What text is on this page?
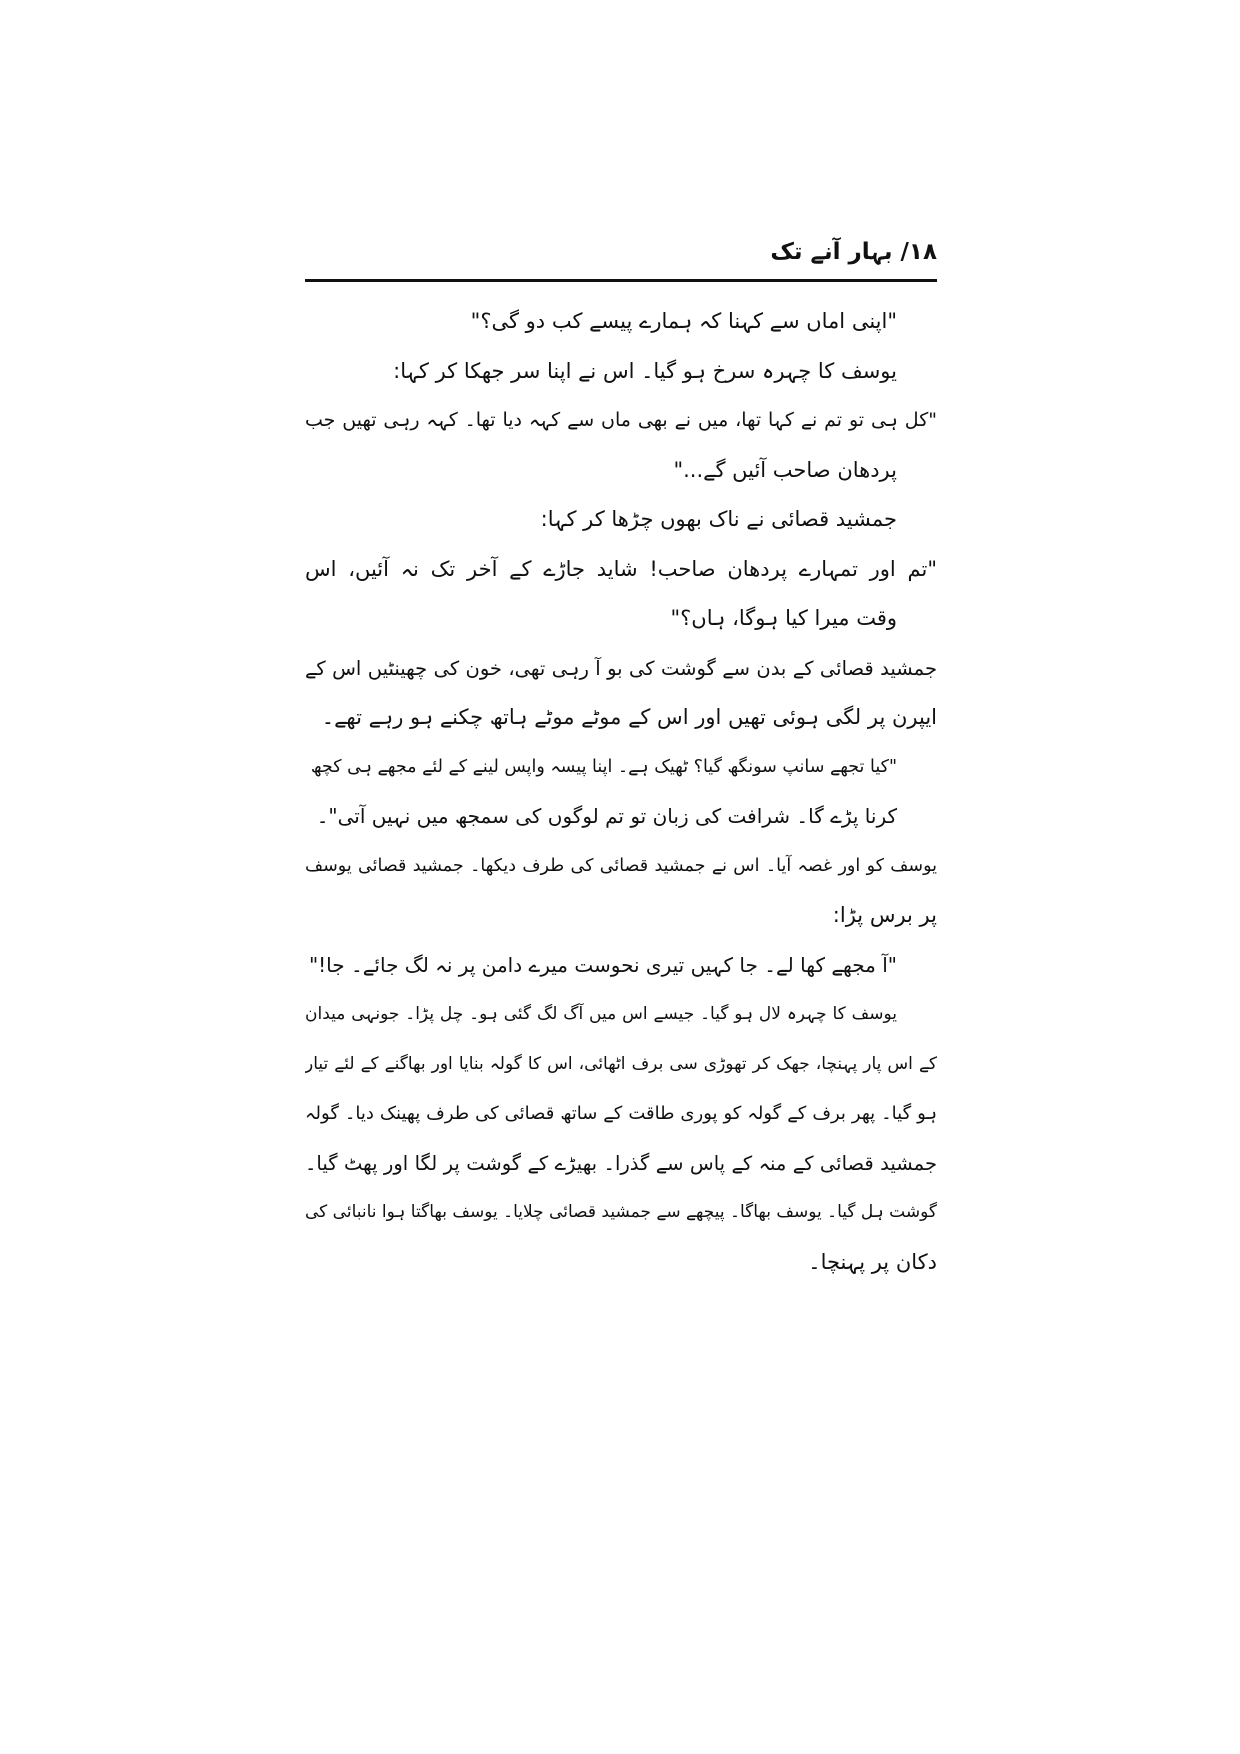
۱۸/ بہار آنے تک
"اپنی اماں سے کہنا کہ ہمارے پیسے کب دو گی؟"
یوسف کا چہرہ سرخ ہو گیا۔ اس نے اپنا سر جھکا کر کہا:
"کل ہی تو تم نے کہا تھا، میں نے بھی ماں سے کہہ دیا تھا۔ کہہ رہی تھیں جب
پردھان صاحب آئیں گے..."
جمشید قصائی نے ناک بھوں چڑھا کر کہا:
"تم اور تمہارے پردھان صاحب! شاید جاڑے کے آخر تک نہ آئیں، اس
وقت میرا کیا ہوگا، ہاں؟"
جمشید قصائی کے بدن سے گوشت کی بو آ رہی تھی، خون کی چھینٹیں اس کے
ایپرن پر لگی ہوئی تھیں اور اس کے موٹے موٹے ہاتھ چکنے ہو رہے تھے۔
"کیا تجھے سانپ سونگھ گیا؟ ٹھیک ہے۔ اپنا پیسہ واپس لینے کے لئے مجھے ہی کچھ
کرنا پڑے گا۔ شرافت کی زبان تو تم لوگوں کی سمجھ میں نہیں آتی"۔
یوسف کو اور غصہ آیا۔ اس نے جمشید قصائی کی طرف دیکھا۔ جمشید قصائی یوسف
پر برس پڑا:
"آ مجھے کھا لے۔ جا کہیں تیری نحوست میرے دامن پر نہ لگ جائے۔ جا!"
یوسف کا چہرہ لال ہو گیا۔ جیسے اس میں آگ لگ گئی ہو۔ چل پڑا۔ جونہی میدان
کے اس پار پہنچا، جھک کر تھوڑی سی برف اٹھائی، اس کا گولہ بنایا اور بھاگنے کے لئے تیار
ہو گیا۔ پھر برف کے گولہ کو پوری طاقت کے ساتھ قصائی کی طرف پھینک دیا۔ گولہ
جمشید قصائی کے منہ کے پاس سے گذرا۔ بھیڑے کے گوشت پر لگا اور پھٹ گیا۔
گوشت ہل گیا۔ یوسف بھاگا۔ پیچھے سے جمشید قصائی چلایا۔ یوسف بھاگتا ہوا نانبائی کی
دکان پر پہنچا۔
